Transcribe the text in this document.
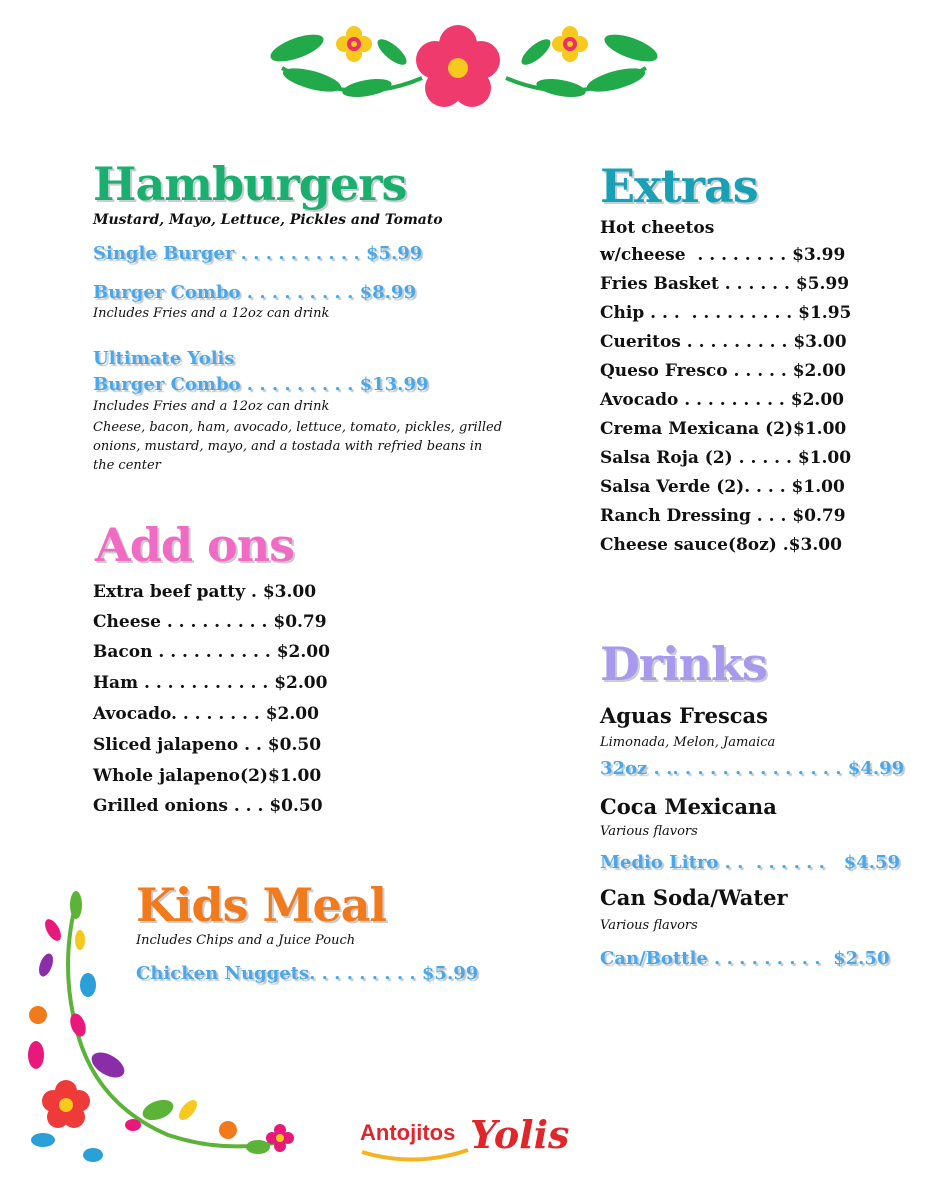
Hamburgers
Mustard, Mayo, Lettuce, Pickles and Tomato
Single Burger . . . . . . . . . . $5.99
Burger Combo . . . . . . . . . $8.99
Includes Fries and a 12oz can drink
Ultimate Yolis
Burger Combo . . . . . . . . . $13.99
Includes Fries and a 12oz can drink
Cheese, bacon, ham, avocado, lettuce, tomato, pickles, grilled onions, mustard, mayo, and a tostada with refried beans in the center
Add ons
Extra beef patty . $3.00
Cheese . . . . . . . . . $0.79
Bacon . . . . . . . . . . $2.00
Ham . . . . . . . . . . . $2.00
Avocado. . . . . . . . $2.00
Sliced jalapeno . . $0.50
Whole jalapeno(2)$1.00
Grilled onions . . . $0.50
Kids Meal
Includes Chips and a Juice Pouch
Chicken Nuggets. . . . . . . . . $5.99
Extras
Hot cheetos
w/cheese  . . . . . . . . $3.99
Fries Basket . . . . . . $5.99
Chip . . .  . . . . . . . . . $1.95
Cueritos . . . . . . . . . $3.00
Queso Fresco . . . . . $2.00
Avocado . . . . . . . . . $2.00
Crema Mexicana (2)$1.00
Salsa Roja (2) . . . . . $1.00
Salsa Verde (2). . . . $1.00
Ranch Dressing . . . $0.79
Cheese sauce(8oz) .$3.00
Drinks
Aguas Frescas
Limonada, Melon, Jamaica
32oz . .. . . . . . . . . . . . . . $4.99
Coca Mexicana
Various flavors
Medio Litro . .  . . . . . .   $4.59
Can Soda/Water
Various flavors
Can/Bottle . . . . . . . . .  $2.50
Antojitos Yolis
